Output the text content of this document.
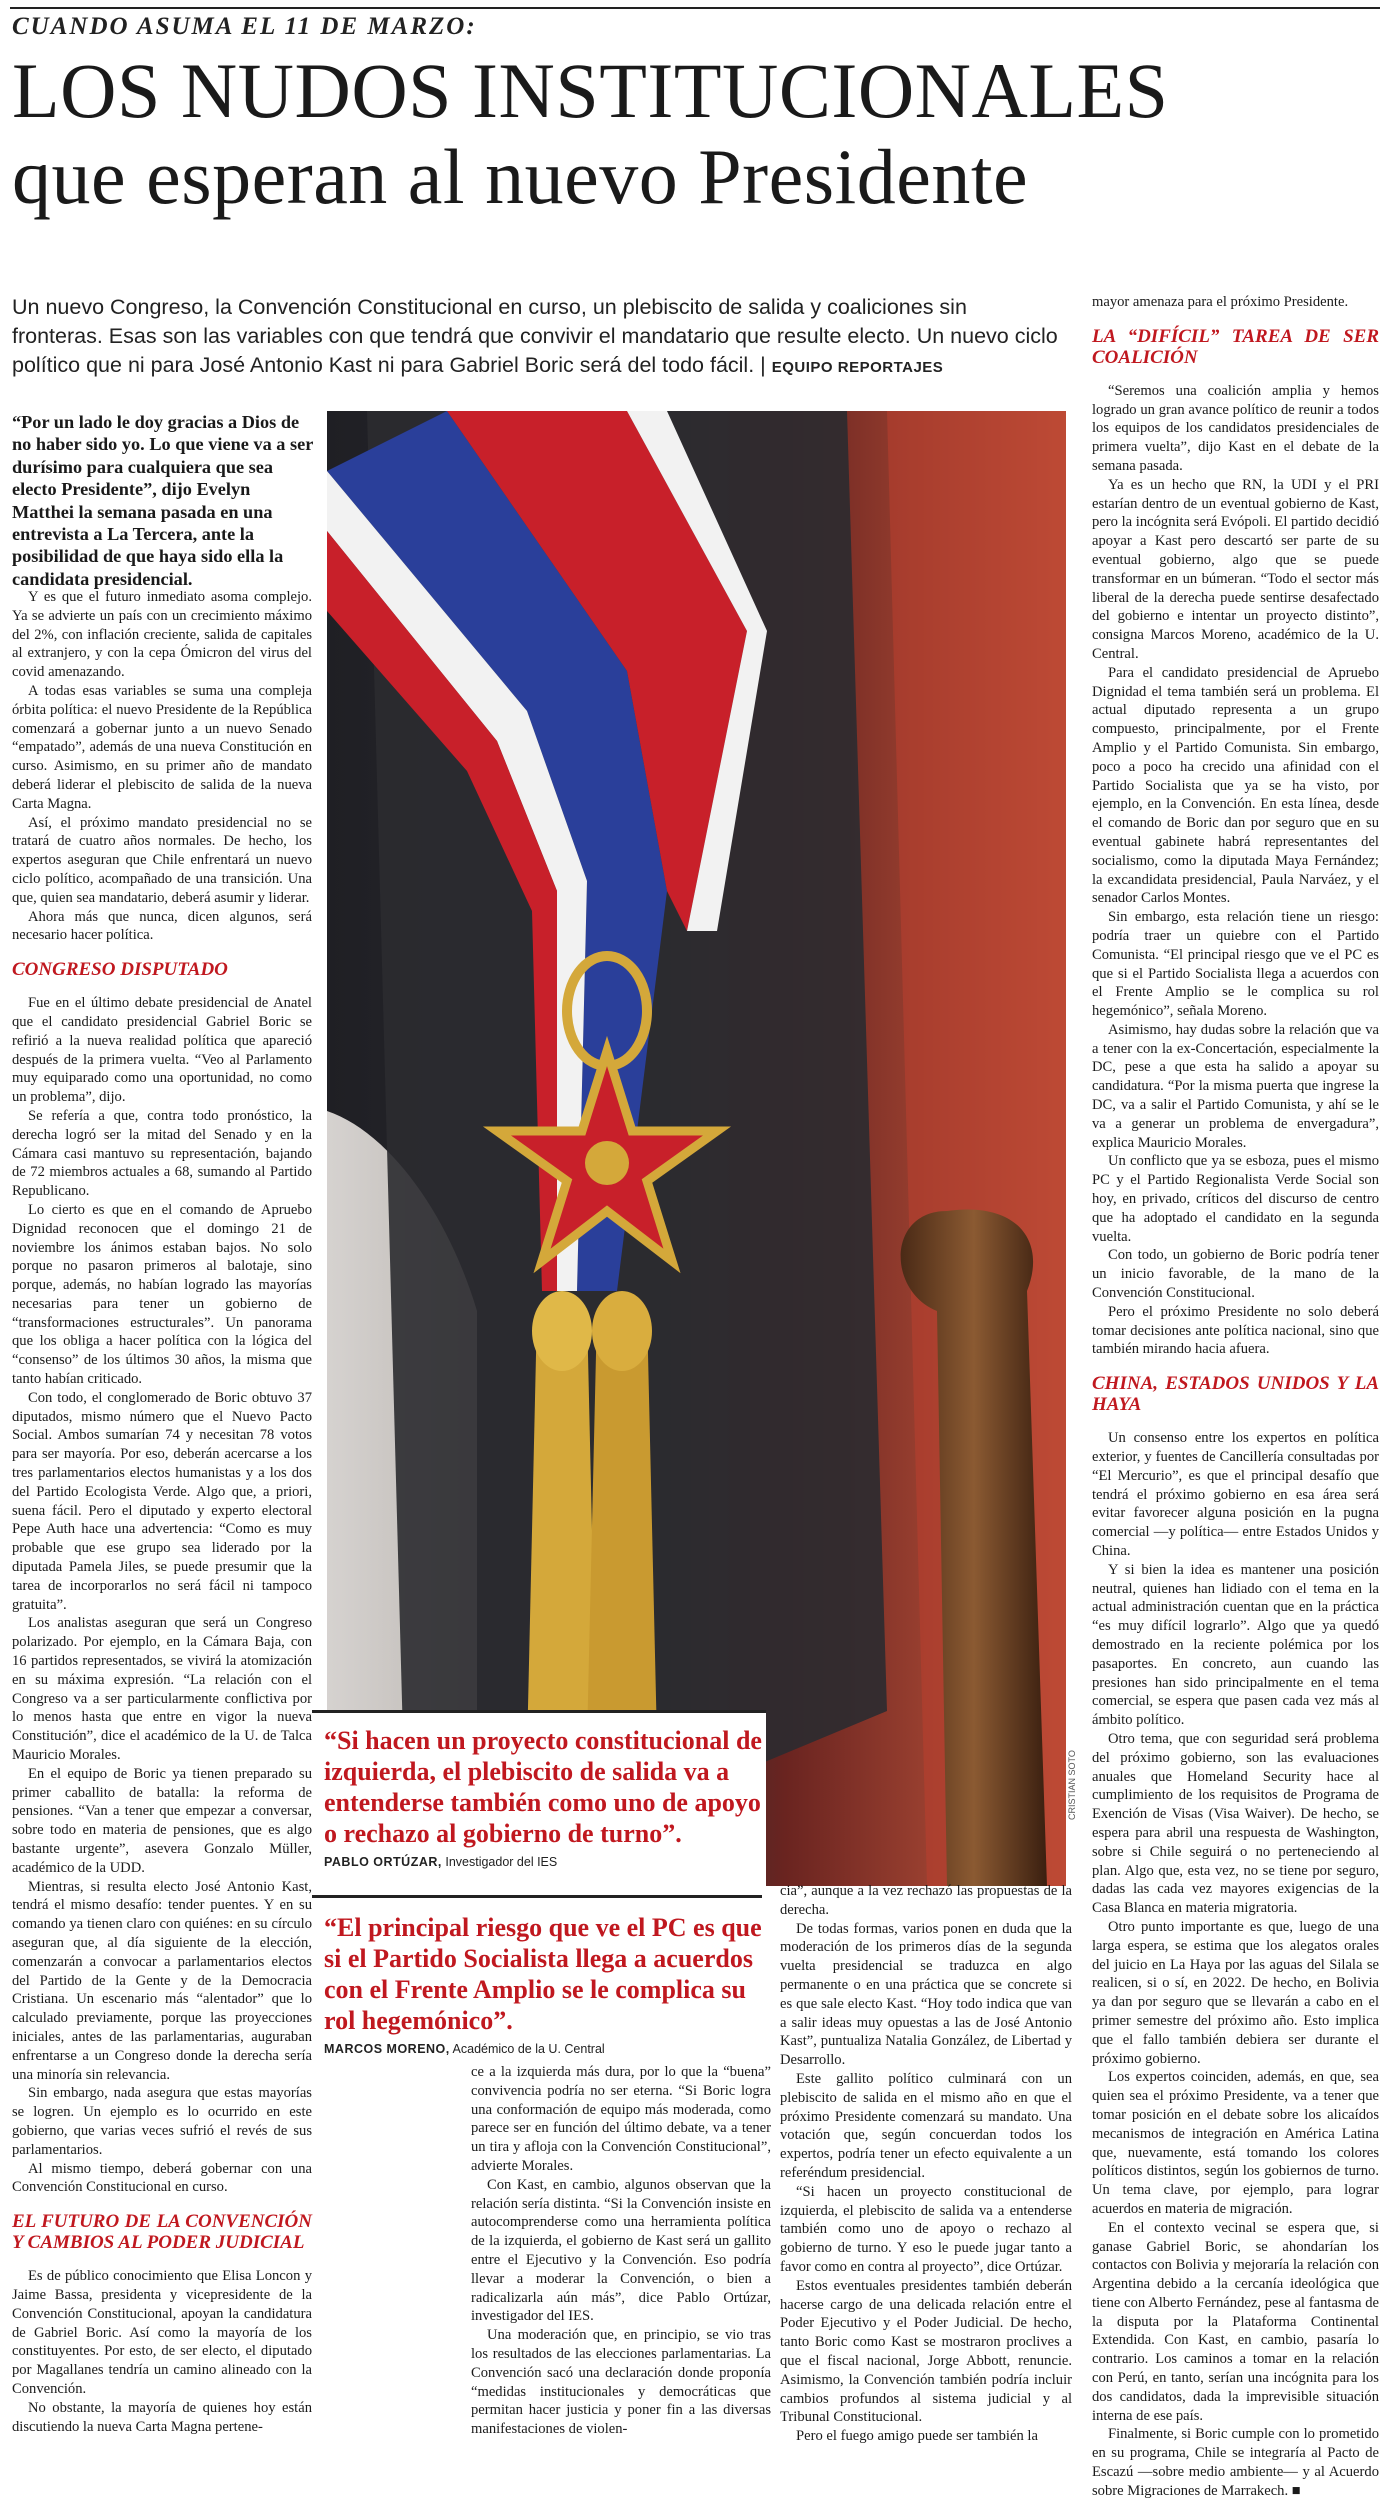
CUANDO ASUMA EL 11 DE MARZO:
LOS NUDOS INSTITUCIONALES
que esperan al nuevo Presidente
Un nuevo Congreso, la Convención Constitucional en curso, un plebiscito de salida y coaliciones sin fronteras. Esas son las variables con que tendrá que convivir el mandatario que resulte electo. Un nuevo ciclo político que ni para José Antonio Kast ni para Gabriel Boric será del todo fácil. | EQUIPO REPORTAJES

“Por un lado le doy gracias a Dios de no haber sido yo. Lo que viene va a ser durísimo para cualquiera que sea electo Presidente”, dijo Evelyn Matthei la semana pasada en una entrevista a La Tercera, ante la posibilidad de que haya sido ella la candidata presidencial.

CRISTIAN SOTO

Y es que el futuro inmediato asoma complejo. Ya se advierte un país con un crecimiento máximo del 2%, con inflación creciente, salida de capitales al extranjero, y con la cepa Ómicron del virus del covid amenazando.

A todas esas variables se suma una compleja órbita política: el nuevo Presidente de la República comenzará a gobernar junto a un nuevo Senado “empatado”, además de una nueva Constitución en curso. Asimismo, en su primer año de mandato deberá liderar el plebiscito de salida de la nueva Carta Magna.

Así, el próximo mandato presidencial no se tratará de cuatro años normales. De hecho, los expertos aseguran que Chile enfrentará un nuevo ciclo político, acompañado de una transición. Una que, quien sea mandatario, deberá asumir y liderar.

Ahora más que nunca, dicen algunos, será necesario hacer política.

CONGRESO DISPUTADO

Fue en el último debate presidencial de Anatel que el candidato presidencial Gabriel Boric se refirió a la nueva realidad política que apareció después de la primera vuelta. “Veo al Parlamento muy equiparado como una oportunidad, no como un problema”, dijo.

Se refería a que, contra todo pronóstico, la derecha logró ser la mitad del Senado y en la Cámara casi mantuvo su representación, bajando de 72 miembros actuales a 68, sumando al Partido Republicano.

Lo cierto es que en el comando de Apruebo Dignidad reconocen que el domingo 21 de noviembre los ánimos estaban bajos. No solo porque no pasaron primeros al balotaje, sino porque, además, no habían logrado las mayorías necesarias para tener un gobierno de “transformaciones estructurales”. Un panorama que los obliga a hacer política con la lógica del “consenso” de los últimos 30 años, la misma que tanto habían criticado.

Con todo, el conglomerado de Boric obtuvo 37 diputados, mismo número que el Nuevo Pacto Social. Ambos sumarían 74 y necesitan 78 votos para ser mayoría. Por eso, deberán acercarse a los tres parlamentarios electos humanistas y a los dos del Partido Ecologista Verde. Algo que, a priori, suena fácil. Pero el diputado y experto electoral Pepe Auth hace una advertencia: “Como es muy probable que ese grupo sea liderado por la diputada Pamela Jiles, se puede presumir que la tarea de incorporarlos no será fácil ni tampoco gratuita”.

Los analistas aseguran que será un Congreso polarizado. Por ejemplo, en la Cámara Baja, con 16 partidos representados, se vivirá la atomización en su máxima expresión. “La relación con el Congreso va a ser particularmente conflictiva por lo menos hasta que entre en vigor la nueva Constitución”, dice el académico de la U. de Talca Mauricio Morales.

En el equipo de Boric ya tienen preparado su primer caballito de batalla: la reforma de pensiones. “Van a tener que empezar a conversar, sobre todo en materia de pensiones, que es algo bastante urgente”, asevera Gonzalo Müller, académico de la UDD.

Mientras, si resulta electo José Antonio Kast, tendrá el mismo desafío: tender puentes. Y en su comando ya tienen claro con quiénes: en su círculo aseguran que, al día siguiente de la elección, comenzarán a convocar a parlamentarios electos del Partido de la Gente y de la Democracia Cristiana. Un escenario más “alentador” que lo calculado previamente, porque las proyecciones iniciales, antes de las parlamentarias, auguraban enfrentarse a un Congreso donde la derecha sería una minoría sin relevancia.

Sin embargo, nada asegura que estas mayorías se logren. Un ejemplo es lo ocurrido en este gobierno, que varias veces sufrió el revés de sus parlamentarios.

Al mismo tiempo, deberá gobernar con una Convención Constitucional en curso.

EL FUTURO DE LA CONVENCIÓN Y CAMBIOS AL PODER JUDICIAL

Es de público conocimiento que Elisa Loncon y Jaime Bassa, presidenta y vicepresidente de la Convención Constitucional, apoyan la candidatura de Gabriel Boric. Así como la mayoría de los constituyentes. Por esto, de ser electo, el diputado por Magallanes tendría un camino alineado con la Convención.

No obstante, la mayoría de quienes hoy están discutiendo la nueva Carta Magna pertene-

“Si hacen un proyecto constitucional de izquierda, el plebiscito de salida va a entenderse también como uno de apoyo o rechazo al gobierno de turno”.
PABLO ORTÚZAR, Investigador del IES
“El principal riesgo que ve el PC es que si el Partido Socialista llega a acuerdos con el Frente Amplio se le complica su rol hegemónico”.
MARCOS MORENO, Académico de la U. Central

ce a la izquierda más dura, por lo que la “buena” convivencia podría no ser eterna. “Si Boric logra una conformación de equipo más moderada, como parece ser en función del último debate, va a tener un tira y afloja con la Convención Constitucional”, advierte Morales.

Con Kast, en cambio, algunos observan que la relación sería distinta. “Si la Convención insiste en autocomprenderse como una herramienta política de la izquierda, el gobierno de Kast será un gallito entre el Ejecutivo y la Convención. Eso podría llevar a moderar la Convención, o bien a radicalizarla aún más”, dice Pablo Ortúzar, investigador del IES.

Una moderación que, en principio, se vio tras los resultados de las elecciones parlamentarias. La Convención sacó una declaración donde proponía “medidas institucionales y democráticas que permitan hacer justicia y poner fin a las diversas manifestaciones de violen-

cia”, aunque a la vez rechazó las propuestas de la derecha.

De todas formas, varios ponen en duda que la moderación de los primeros días de la segunda vuelta presidencial se traduzca en algo permanente o en una práctica que se concrete si es que sale electo Kast. “Hoy todo indica que van a salir ideas muy opuestas a las de José Antonio Kast”, puntualiza Natalia González, de Libertad y Desarrollo.

Este gallito político culminará con un plebiscito de salida en el mismo año en que el próximo Presidente comenzará su mandato. Una votación que, según concuerdan todos los expertos, podría tener un efecto equivalente a un referéndum presidencial.

“Si hacen un proyecto constitucional de izquierda, el plebiscito de salida va a entenderse también como uno de apoyo o rechazo al gobierno de turno. Y eso le puede jugar tanto a favor como en contra al proyecto”, dice Ortúzar.

Estos eventuales presidentes también deberán hacerse cargo de una delicada relación entre el Poder Ejecutivo y el Poder Judicial. De hecho, tanto Boric como Kast se mostraron proclives a que el fiscal nacional, Jorge Abbott, renuncie. Asimismo, la Convención también podría incluir cambios profundos al sistema judicial y al Tribunal Constitucional.

Pero el fuego amigo puede ser también la

mayor amenaza para el próximo Presidente.

LA “DIFÍCIL” TAREA DE SER COALICIÓN

“Seremos una coalición amplia y hemos logrado un gran avance político de reunir a todos los equipos de los candidatos presidenciales de primera vuelta”, dijo Kast en el debate de la semana pasada.

Ya es un hecho que RN, la UDI y el PRI estarían dentro de un eventual gobierno de Kast, pero la incógnita será Evópoli. El partido decidió apoyar a Kast pero descartó ser parte de su eventual gobierno, algo que se puede transformar en un búmeran. “Todo el sector más liberal de la derecha puede sentirse desafectado del gobierno e intentar un proyecto distinto”, consigna Marcos Moreno, académico de la U. Central.

Para el candidato presidencial de Apruebo Dignidad el tema también será un problema. El actual diputado representa a un grupo compuesto, principalmente, por el Frente Amplio y el Partido Comunista. Sin embargo, poco a poco ha crecido una afinidad con el Partido Socialista que ya se ha visto, por ejemplo, en la Convención. En esta línea, desde el comando de Boric dan por seguro que en su eventual gabinete habrá representantes del socialismo, como la diputada Maya Fernández; la excandidata presidencial, Paula Narváez, y el senador Carlos Montes.

Sin embargo, esta relación tiene un riesgo: podría traer un quiebre con el Partido Comunista. “El principal riesgo que ve el PC es que si el Partido Socialista llega a acuerdos con el Frente Amplio se le complica su rol hegemónico”, señala Moreno.

Asimismo, hay dudas sobre la relación que va a tener con la ex-Concertación, especialmente la DC, pese a que esta ha salido a apoyar su candidatura. “Por la misma puerta que ingrese la DC, va a salir el Partido Comunista, y ahí se le va a generar un problema de envergadura”, explica Mauricio Morales.

Un conflicto que ya se esboza, pues el mismo PC y el Partido Regionalista Verde Social son hoy, en privado, críticos del discurso de centro que ha adoptado el candidato en la segunda vuelta.

Con todo, un gobierno de Boric podría tener un inicio favorable, de la mano de la Convención Constitucional.

Pero el próximo Presidente no solo deberá tomar decisiones ante política nacional, sino que también mirando hacia afuera.

CHINA, ESTADOS UNIDOS Y LA HAYA

Un consenso entre los expertos en política exterior, y fuentes de Cancillería consultadas por “El Mercurio”, es que el principal desafío que tendrá el próximo gobierno en esa área será evitar favorecer alguna posición en la pugna comercial —y política— entre Estados Unidos y China.

Y si bien la idea es mantener una posición neutral, quienes han lidiado con el tema en la actual administración cuentan que en la práctica “es muy difícil lograrlo”. Algo que ya quedó demostrado en la reciente polémica por los pasaportes. En concreto, aun cuando las presiones han sido principalmente en el tema comercial, se espera que pasen cada vez más al ámbito político.

Otro tema, que con seguridad será problema del próximo gobierno, son las evaluaciones anuales que Homeland Security hace al cumplimiento de los requisitos de Programa de Exención de Visas (Visa Waiver). De hecho, se espera para abril una respuesta de Washington, sobre si Chile seguirá o no perteneciendo al plan. Algo que, esta vez, no se tiene por seguro, dadas las cada vez mayores exigencias de la Casa Blanca en materia migratoria.

Otro punto importante es que, luego de una larga espera, se estima que los alegatos orales del juicio en La Haya por las aguas del Silala se realicen, si o sí, en 2022. De hecho, en Bolivia ya dan por seguro que se llevarán a cabo en el primer semestre del próximo año. Esto implica que el fallo también debiera ser durante el próximo gobierno.

Los expertos coinciden, además, en que, sea quien sea el próximo Presidente, va a tener que tomar posición en el debate sobre los alicaídos mecanismos de integración en América Latina que, nuevamente, está tomando los colores políticos distintos, según los gobiernos de turno. Un tema clave, por ejemplo, para lograr acuerdos en materia de migración.

En el contexto vecinal se espera que, si ganase Gabriel Boric, se ahondarían los contactos con Bolivia y mejoraría la relación con Argentina debido a la cercanía ideológica que tiene con Alberto Fernández, pese al fantasma de la disputa por la Plataforma Continental Extendida. Con Kast, en cambio, pasaría lo contrario. Los caminos a tomar en la relación con Perú, en tanto, serían una incógnita para los dos candidatos, dada la imprevisible situación interna de ese país.

Finalmente, si Boric cumple con lo prometido en su programa, Chile se integraría al Pacto de Escazú —sobre medio ambiente— y al Acuerdo sobre Migraciones de Marrakech. ■
